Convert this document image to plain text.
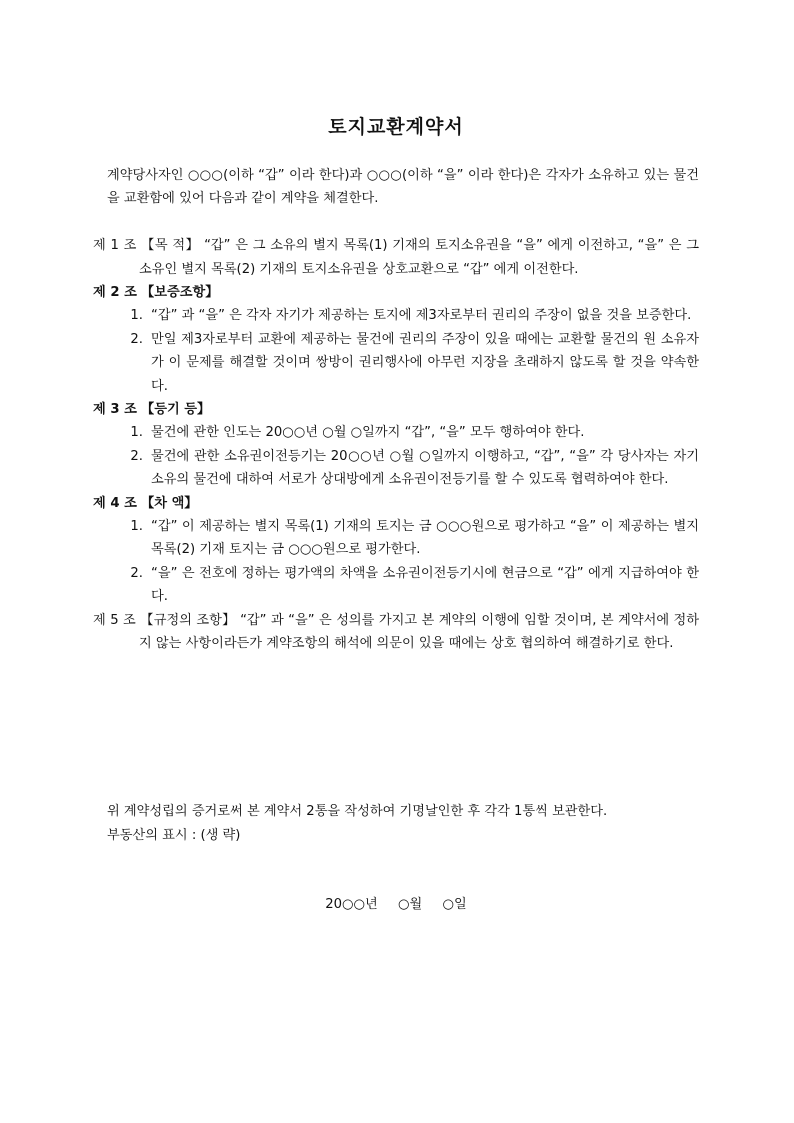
토지교환계약서
계약당사자인 ○○○(이하 “갑” 이라 한다)과 ○○○(이하 “을” 이라 한다)은 각자가 소유하고 있는 물건을 교환함에 있어 다음과 같이 계약을 체결한다.
제 1 조 【목 적】 “갑” 은 그 소유의 별지 목록(1) 기재의 토지소유권을 “을” 에게 이전하고, “을” 은 그 소유인 별지 목록(2) 기재의 토지소유권을 상호교환으로 “갑” 에게 이전한다.
제 2 조 【보증조항】
1. “갑” 과 “을” 은 각자 자기가 제공하는 토지에 제3자로부터 권리의 주장이 없을 것을 보증한다.
2. 만일 제3자로부터 교환에 제공하는 물건에 권리의 주장이 있을 때에는 교환할 물건의 원 소유자가 이 문제를 해결할 것이며 쌍방이 권리행사에 아무런 지장을 초래하지 않도록 할 것을 약속한다.
제 3 조 【등기 등】
1. 물건에 관한 인도는 20○○년 ○월 ○일까지 “갑”, “을” 모두 행하여야 한다.
2. 물건에 관한 소유권이전등기는 20○○년 ○월 ○일까지 이행하고, “갑”, “을” 각 당사자는 자기 소유의 물건에 대하여 서로가 상대방에게 소유권이전등기를 할 수 있도록 협력하여야 한다.
제 4 조 【차 액】
1. “갑” 이 제공하는 별지 목록(1) 기재의 토지는 금 ○○○원으로 평가하고 “을” 이 제공하는 별지 목록(2) 기재 토지는 금 ○○○원으로 평가한다.
2. “을” 은 전호에 정하는 평가액의 차액을 소유권이전등기시에 현금으로 “갑” 에게 지급하여야 한다.
제 5 조 【규정의 조항】 “갑” 과 “을” 은 성의를 가지고 본 계약의 이행에 임할 것이며, 본 계약서에 정하지 않는 사항이라든가 계약조항의 해석에 의문이 있을 때에는 상호 협의하여 해결하기로 한다.
위 계약성립의 증거로써 본 계약서 2통을 작성하여 기명날인한 후 각각 1통씩 보관한다.
부동산의 표시 : (생 략)
20○○년 ○월 ○일
